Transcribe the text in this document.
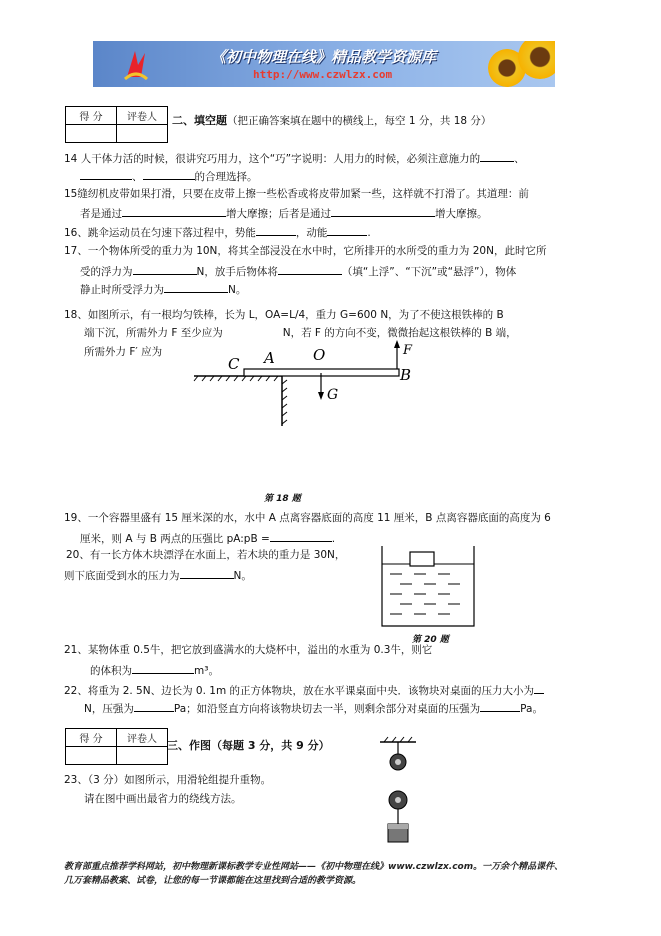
《初中物理在线》精品教学资源库
http://www.czwlzx.com
得 分	评卷人
	二、填空题（把正确答案填在题中的横线上，每空 1 分，共 18 分）
14 人干体力活的时候，很讲究巧用力，这个“巧”字说明：人用力的时候，必须注意施力的	、
、	的合理选择。
15缝纫机皮带如果打滑，只要在皮带上擦一些松香或将皮带加紧一些，这样就不打滑了。其道理：前
者是通过	增大摩擦；后者是通过	增大摩擦。
16、跳伞运动员在匀速下落过程中，势能	，动能	.
17、一个物体所受的重力为 10N，将其全部浸没在水中时，它所排开的水所受的重力为 20N，此时它所
受的浮力为	N，放手后物体将	（填“上浮”、“下沉”或“悬浮”），物体
静止时所受浮力为	N。
18、如图所示，有一根均匀铁棒，长为 L，OA=L/4，重力 G=600 N，为了不使这根铁棒的 B
端下沉，所需外力 F 至少应为	N，若 F 的方向不变，微微抬起这根铁棒的 B 端，
所需外力 F′ 应为
C A	O	F
B
G
第 18 题
19、一个容器里盛有 15 厘米深的水，水中 A 点离容器底面的高度 11 厘米，B 点离容器底面的高度为 6
厘米，则 A 与 B 两点的压强比 pA:pB =	.
20、有一长方体木块漂浮在水面上，若木块的重力是 30N，
则下底面受到水的压力为	N。
第 20 题
21、某物体重 0.5牛，把它放到盛满水的大烧杯中，溢出的水重为 0.3牛，则它
的体积为	m³。
22、将重为 2. 5N、边长为 0. 1m 的正方体物块，放在水平课桌面中央．该物块对桌面的压力大小为
N，压强为	Pa；如沿竖直方向将该物块切去一半，则剩余部分对桌面的压强为	Pa。
得 分	评卷人
	三、作图（每题 3 分，共 9 分）
23、（3 分）如图所示，用滑轮组提升重物。
请在图中画出最省力的绕线方法。
教育部重点推荐学科网站，初中物理新课标教学专业性网站——《初中物理在线》www.czwlzx.com。一万余个精品课件、
几万套精品教案、试卷，让您的每一节课都能在这里找到合适的教学资源。
